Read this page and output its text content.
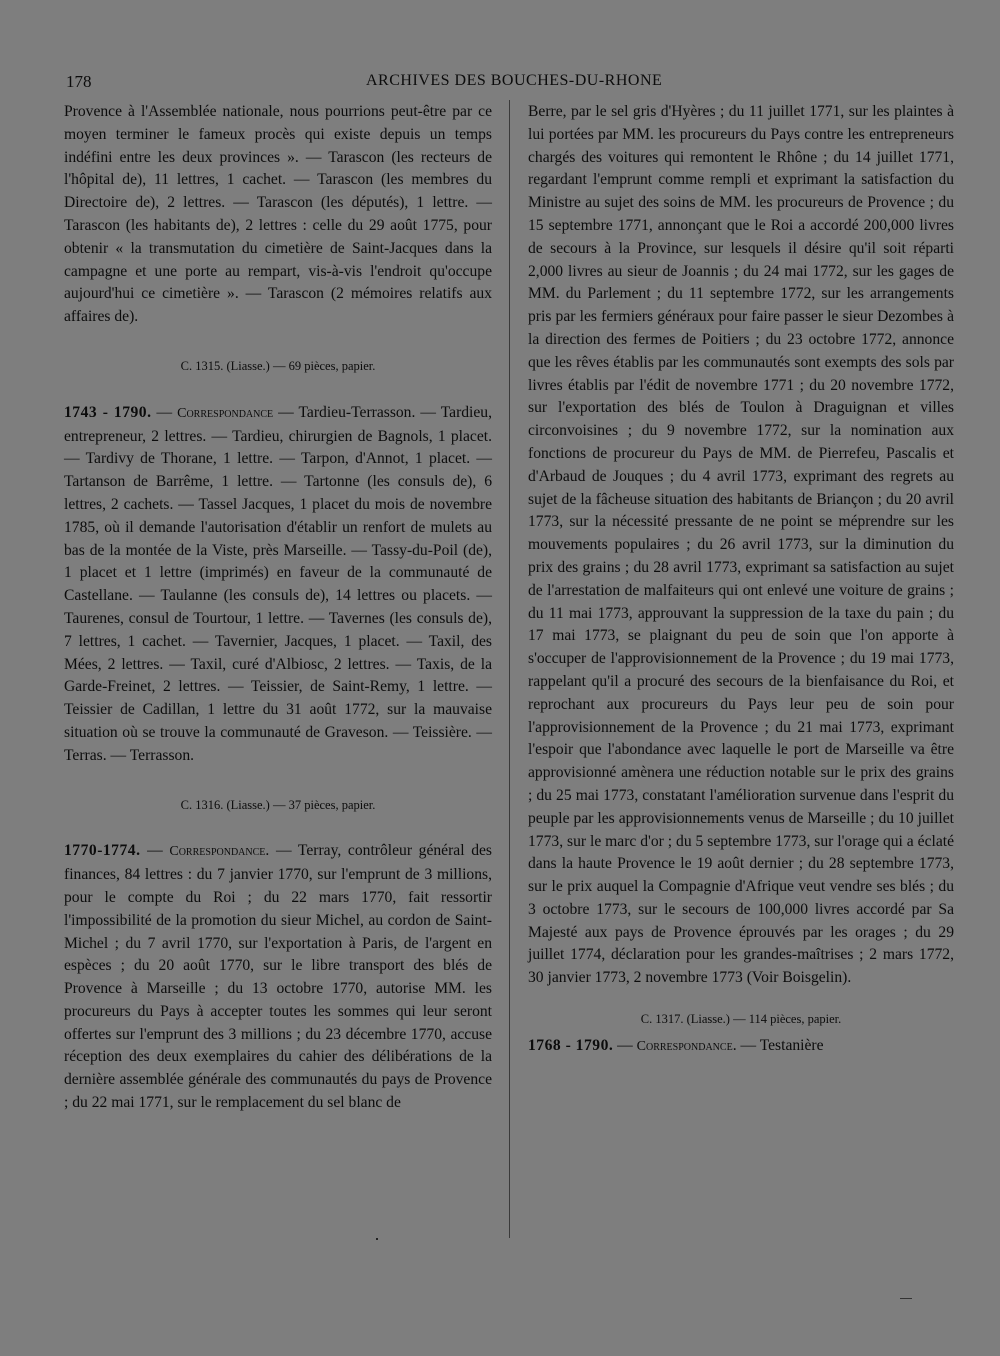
178	ARCHIVES DES BOUCHES-DU-RHONE

Provence à l'Assemblée nationale, nous pourrions peut-être par ce moyen terminer le fameux procès qui existe depuis un temps indéfini entre les deux provinces ». — Tarascon (les recteurs de l'hôpital de), 11 lettres, 1 cachet. — Tarascon (les membres du Directoire de), 2 lettres. — Tarascon (les députés), 1 lettre. — Tarascon (les habitants de), 2 lettres : celle du 29 août 1775, pour obtenir « la transmutation du cimetière de Saint-Jacques dans la campagne et une porte au rempart, vis-à-vis l'endroit qu'occupe aujourd'hui ce cimetière ». — Tarascon (2 mémoires relatifs aux affaires de).

C. 1315. (Liasse.) — 69 pièces, papier.

1743 - 1790. — Correspondance — Tardieu-Terrasson. — Tardieu, entrepreneur, 2 lettres. — Tardieu, chirurgien de Bagnols, 1 placet. — Tardivy de Thorane, 1 lettre. — Tarpon, d'Annot, 1 placet. — Tartanson de Barrême, 1 lettre. — Tartonne (les consuls de), 6 lettres, 2 cachets. — Tassel Jacques, 1 placet du mois de novembre 1785, où il demande l'autorisation d'établir un renfort de mulets au bas de la montée de la Viste, près Marseille. — Tassy-du-Poil (de), 1 placet et 1 lettre (imprimés) en faveur de la communauté de Castellane. — Taulanne (les consuls de), 14 lettres ou placets. — Taurenes, consul de Tourtour, 1 lettre. — Tavernes (les consuls de), 7 lettres, 1 cachet. — Tavernier, Jacques, 1 placet. — Taxil, des Mées, 2 lettres. — Taxil, curé d'Albiosc, 2 lettres. — Taxis, de la Garde-Freinet, 2 lettres. — Teissier, de Saint-Remy, 1 lettre. — Teissier de Cadillan, 1 lettre du 31 août 1772, sur la mauvaise situation où se trouve la communauté de Graveson. — Teissière. — Terras. — Terrasson.

C. 1316. (Liasse.) — 37 pièces, papier.

1770-1774. — Correspondance. — Terray, contrôleur général des finances, 84 lettres : du 7 janvier 1770, sur l'emprunt de 3 millions, pour le compte du Roi ; du 22 mars 1770, fait ressortir l'impossibilité de la promotion du sieur Michel, au cordon de Saint-Michel ; du 7 avril 1770, sur l'exportation à Paris, de l'argent en espèces ; du 20 août 1770, sur le libre transport des blés de Provence à Marseille ; du 13 octobre 1770, autorise MM. les procureurs du Pays à accepter toutes les sommes qui leur seront offertes sur l'emprunt des 3 millions ; du 23 décembre 1770, accuse réception des deux exemplaires du cahier des délibérations de la dernière assemblée générale des communautés du pays de Provence ; du 22 mai 1771, sur le remplacement du sel blanc de

Berre, par le sel gris d'Hyères ; du 11 juillet 1771, sur les plaintes à lui portées par MM. les procureurs du Pays contre les entrepreneurs chargés des voitures qui remontent le Rhône ; du 14 juillet 1771, regardant l'emprunt comme rempli et exprimant la satisfaction du Ministre au sujet des soins de MM. les procureurs de Provence ; du 15 septembre 1771, annonçant que le Roi a accordé 200,000 livres de secours à la Province, sur lesquels il désire qu'il soit réparti 2,000 livres au sieur de Joannis ; du 24 mai 1772, sur les gages de MM. du Parlement ; du 11 septembre 1772, sur les arrangements pris par les fermiers généraux pour faire passer le sieur Dezombes à la direction des fermes de Poitiers ; du 23 octobre 1772, annonce que les rêves établis par les communautés sont exempts des sols par livres établis par l'édit de novembre 1771 ; du 20 novembre 1772, sur l'exportation des blés de Toulon à Draguignan et villes circonvoisines ; du 9 novembre 1772, sur la nomination aux fonctions de procureur du Pays de MM. de Pierrefeu, Pascalis et d'Arbaud de Jouques ; du 4 avril 1773, exprimant des regrets au sujet de la fâcheuse situation des habitants de Briançon ; du 20 avril 1773, sur la nécessité pressante de ne point se méprendre sur les mouvements populaires ; du 26 avril 1773, sur la diminution du prix des grains ; du 28 avril 1773, exprimant sa satisfaction au sujet de l'arrestation de malfaiteurs qui ont enlevé une voiture de grains ; du 11 mai 1773, approuvant la suppression de la taxe du pain ; du 17 mai 1773, se plaignant du peu de soin que l'on apporte à s'occuper de l'approvisionnement de la Provence ; du 19 mai 1773, rappelant qu'il a procuré des secours de la bienfaisance du Roi, et reprochant aux procureurs du Pays leur peu de soin pour l'approvisionnement de la Provence ; du 21 mai 1773, exprimant l'espoir que l'abondance avec laquelle le port de Marseille va être approvisionné amènera une réduction notable sur le prix des grains ; du 25 mai 1773, constatant l'amélioration survenue dans l'esprit du peuple par les approvisionnements venus de Marseille ; du 10 juillet 1773, sur le marc d'or ; du 5 septembre 1773, sur l'orage qui a éclaté dans la haute Provence le 19 août dernier ; du 28 septembre 1773, sur le prix auquel la Compagnie d'Afrique veut vendre ses blés ; du 3 octobre 1773, sur le secours de 100,000 livres accordé par Sa Majesté aux pays de Provence éprouvés par les orages ; du 29 juillet 1774, déclaration pour les grandes-maîtrises ; 2 mars 1772, 30 janvier 1773, 2 novembre 1773 (Voir Boisgelin).

C. 1317. (Liasse.) — 114 pièces, papier.

1768 - 1790. — Correspondance. — Testanière
